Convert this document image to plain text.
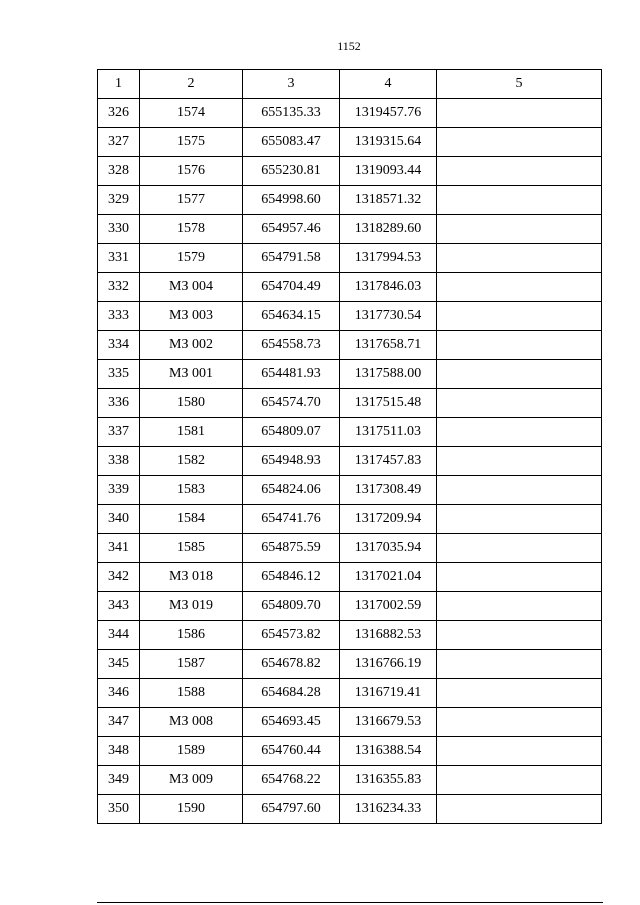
1152
1	2	3	4	5
326	1574	655135.33	1319457.76	
327	1575	655083.47	1319315.64	
328	1576	655230.81	1319093.44	
329	1577	654998.60	1318571.32	
330	1578	654957.46	1318289.60	
331	1579	654791.58	1317994.53	
332	МЗ 004	654704.49	1317846.03	
333	МЗ 003	654634.15	1317730.54	
334	МЗ 002	654558.73	1317658.71	
335	МЗ 001	654481.93	1317588.00	
336	1580	654574.70	1317515.48	
337	1581	654809.07	1317511.03	
338	1582	654948.93	1317457.83	
339	1583	654824.06	1317308.49	
340	1584	654741.76	1317209.94	
341	1585	654875.59	1317035.94	
342	МЗ 018	654846.12	1317021.04	
343	МЗ 019	654809.70	1317002.59	
344	1586	654573.82	1316882.53	
345	1587	654678.82	1316766.19	
346	1588	654684.28	1316719.41	
347	МЗ 008	654693.45	1316679.53	
348	1589	654760.44	1316388.54	
349	МЗ 009	654768.22	1316355.83	
350	1590	654797.60	1316234.33	
